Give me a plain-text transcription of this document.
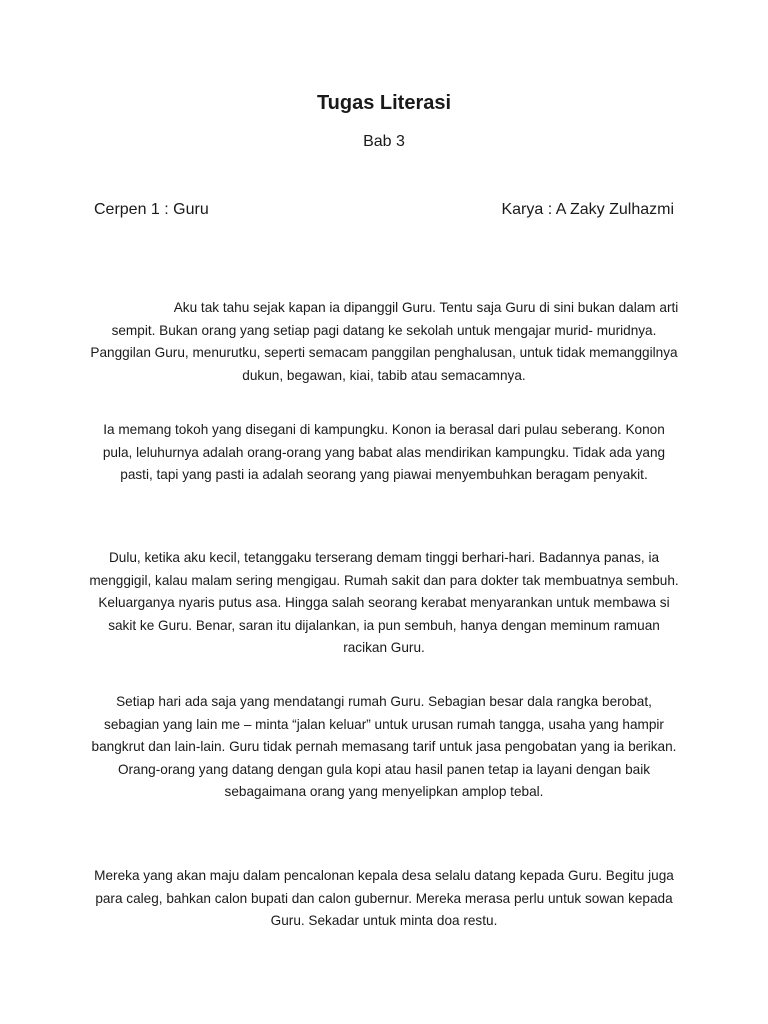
Tugas Literasi
Bab 3
Cerpen 1 : Guru	Karya : A Zaky Zulhazmi
Aku tak tahu sejak kapan ia dipanggil Guru. Tentu saja Guru di sini bukan dalam arti sempit. Bukan orang yang setiap pagi datang ke sekolah untuk mengajar murid- muridnya. Panggilan Guru, menurutku, seperti semacam panggilan penghalusan, untuk tidak memanggilnya dukun, begawan, kiai, tabib atau semacamnya.
Ia memang tokoh yang disegani di kampungku. Konon ia berasal dari pulau seberang. Konon pula, leluhurnya adalah orang-orang yang babat alas mendirikan kampungku. Tidak ada yang pasti, tapi yang pasti ia adalah seorang yang piawai menyembuhkan beragam penyakit.
Dulu, ketika aku kecil, tetanggaku terserang demam tinggi berhari-hari. Badannya panas, ia menggigil, kalau malam sering mengigau. Rumah sakit dan para dokter tak membuatnya sembuh. Keluarganya nyaris putus asa. Hingga salah seorang kerabat menyarankan untuk membawa si sakit ke Guru. Benar, saran itu dijalankan, ia pun sembuh, hanya dengan meminum ramuan racikan Guru.
Setiap hari ada saja yang mendatangi rumah Guru. Sebagian besar dala rangka berobat, sebagian yang lain me – minta “jalan keluar” untuk urusan rumah tangga, usaha yang hampir bangkrut dan lain-lain. Guru tidak pernah memasang tarif untuk jasa pengobatan yang ia berikan. Orang-orang yang datang dengan gula kopi atau hasil panen tetap ia layani dengan baik sebagaimana orang yang menyelipkan amplop tebal.
Mereka yang akan maju dalam pencalonan kepala desa selalu datang kepada Guru. Begitu juga para caleg, bahkan calon bupati dan calon gubernur. Mereka merasa perlu untuk sowan kepada Guru. Sekadar untuk minta doa restu.
